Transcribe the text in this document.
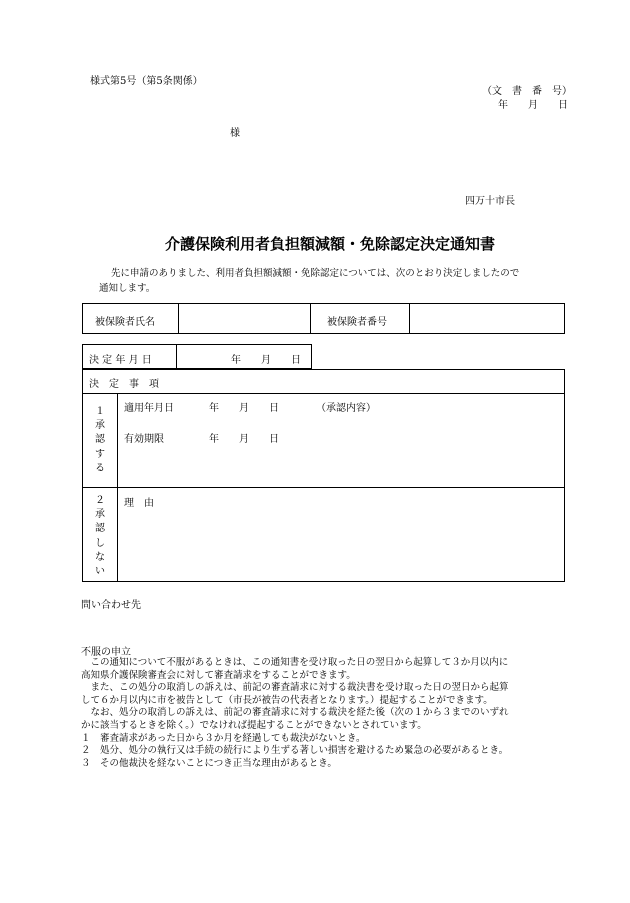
様式第5号（第5条関係）
（文　書　番　号）
年　　月　　日
様
四万十市長
介護保険利用者負担額減額・免除認定決定通知書
先に申請のありました、利用者負担額減額・免除認定については、次のとおり決定しましたので
通知します。
被保険者氏名	被保険者番号
決 定 年 月 日	年　　月　　日
決　定　事　項
１承認する
適用年月日	年　　月　　日	（承認内容）
有効期限	年　　月　　日
２承認しない
理　由
問い合わせ先
不服の申立
　この通知について不服があるときは、この通知書を受け取った日の翌日から起算して３か月以内に
高知県介護保険審査会に対して審査請求をすることができます。
　また、この処分の取消しの訴えは、前記の審査請求に対する裁決書を受け取った日の翌日から起算
して６か月以内に市を被告として（市長が被告の代表者となります。）提起することができます。
　なお、処分の取消しの訴えは、前記の審査請求に対する裁決を経た後（次の１から３までのいずれ
かに該当するときを除く。）でなければ提起することができないとされています。
１　審査請求があった日から３か月を経過しても裁決がないとき。
２　処分、処分の執行又は手続の続行により生ずる著しい損害を避けるため緊急の必要があるとき。
３　その他裁決を経ないことにつき正当な理由があるとき。
